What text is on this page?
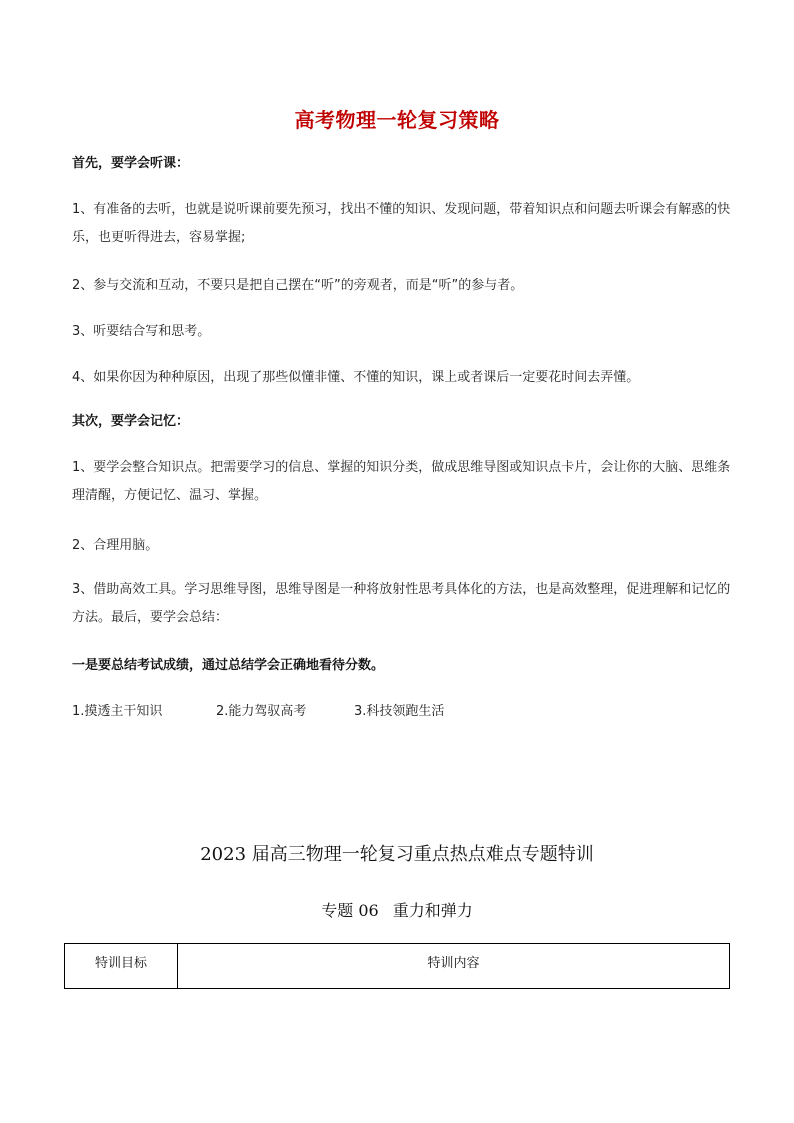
高考物理一轮复习策略
首先，要学会听课：
1、有准备的去听，也就是说听课前要先预习，找出不懂的知识、发现问题，带着知识点和问题去听课会有解惑的快乐，也更听得进去，容易掌握;
2、参与交流和互动，不要只是把自己摆在“听”的旁观者，而是“听”的参与者。
3、听要结合写和思考。
4、如果你因为种种原因，出现了那些似懂非懂、不懂的知识，课上或者课后一定要花时间去弄懂。
其次，要学会记忆：
1、要学会整合知识点。把需要学习的信息、掌握的知识分类，做成思维导图或知识点卡片，会让你的大脑、思维条理清醒，方便记忆、温习、掌握。
2、合理用脑。
3、借助高效工具。学习思维导图，思维导图是一种将放射性思考具体化的方法，也是高效整理，促进理解和记忆的方法。最后，要学会总结：
一是要总结考试成绩，通过总结学会正确地看待分数。
1.摸透主干知识	2.能力驾驭高考	3.科技领跑生活
2023 届高三物理一轮复习重点热点难点专题特训
专题 06 重力和弹力
特训目标	特训内容
